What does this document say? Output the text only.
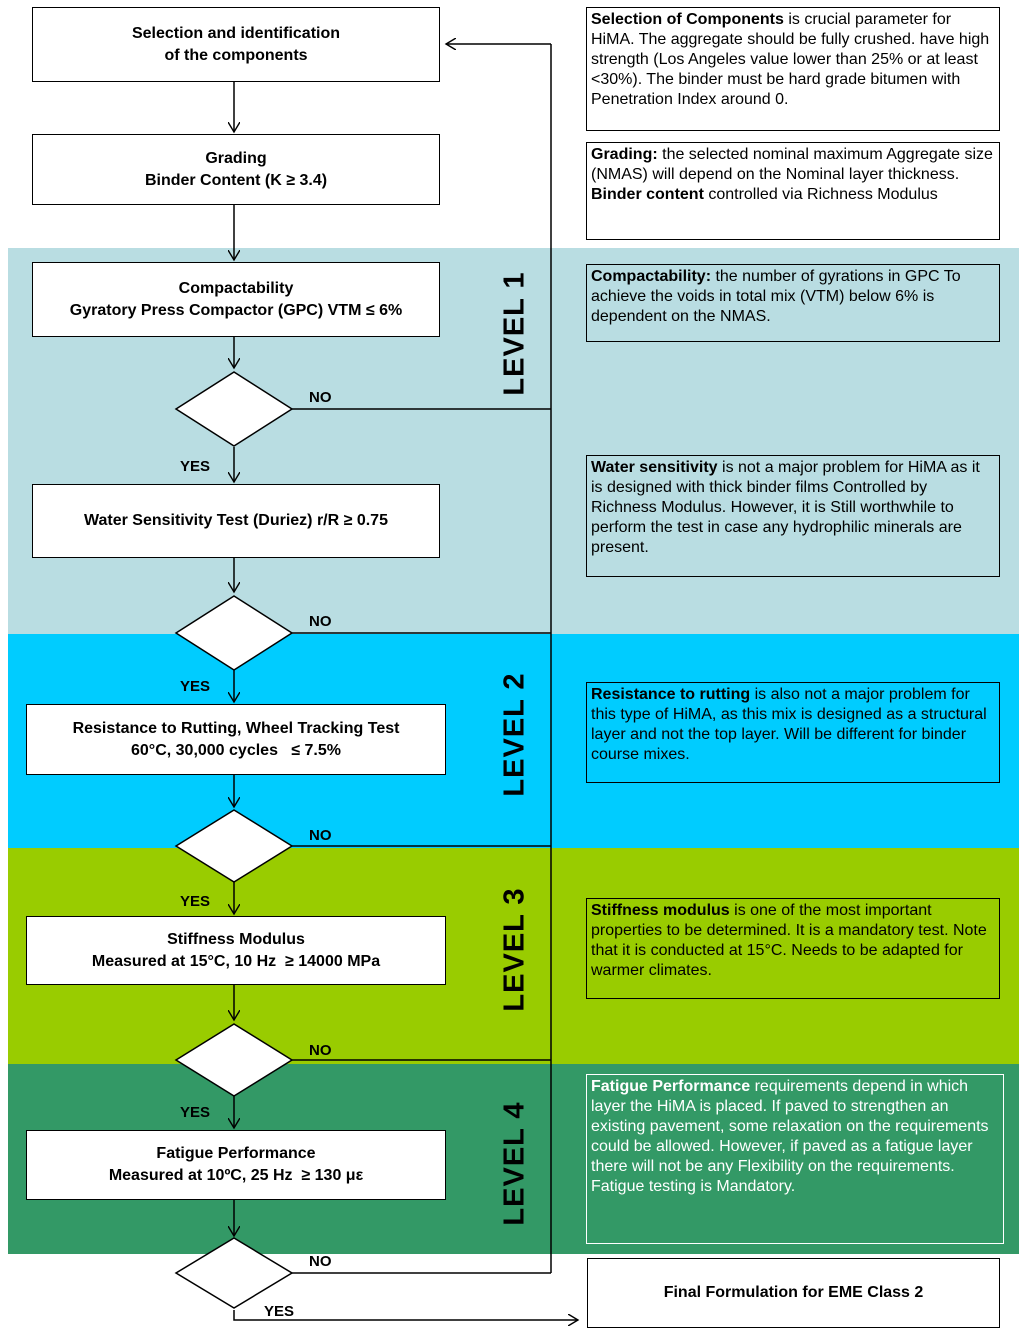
Selection and identification
of the components
Grading
Binder Content (K ≥ 3.4)
Compactability
Gyratory Press Compactor (GPC) VTM ≤ 6%
Water Sensitivity Test (Duriez) r/R ≥ 0.75
Resistance to Rutting, Wheel Tracking Test
60°C, 30,000 cycles   ≤ 7.5%
Stiffness Modulus
Measured at 15°C, 10 Hz  ≥ 14000 MPa
Fatigue Performance
Measured at 10ºC, 25 Hz  ≥ 130 με
NO
YES
NO
YES
NO
YES
NO
YES
NO
YES
LEVEL 1
LEVEL 2
LEVEL 3
LEVEL 4
Selection of Components is crucial parameter for HiMA. The aggregate should be fully crushed. have high strength (Los Angeles value lower than 25% or at least <30%). The binder must be hard grade bitumen with Penetration Index around 0.
Grading: the selected nominal maximum Aggregate size (NMAS) will depend on the Nominal layer thickness.
Binder content controlled via Richness Modulus
Compactability: the number of gyrations in GPC To achieve the voids in total mix (VTM) below 6% is dependent on the NMAS.
Water sensitivity is not a major problem for HiMA as it is designed with thick binder films Controlled by Richness Modulus. However, it is Still worthwhile to perform the test in case any hydrophilic minerals are present.
Resistance to rutting is also not a major problem for this type of HiMA, as this mix is designed as a structural layer and not the top layer. Will be different for binder course mixes.
Stiffness modulus is one of the most important properties to be determined. It is a mandatory test. Note that it is conducted at 15°C. Needs to be adapted for warmer climates.
Fatigue Performance requirements depend in which layer the HiMA is placed. If paved to strengthen an existing pavement, some relaxation on the requirements could be allowed. However, if paved as a fatigue layer there will not be any Flexibility on the requirements. Fatigue testing is Mandatory.
Final Formulation for EME Class 2
